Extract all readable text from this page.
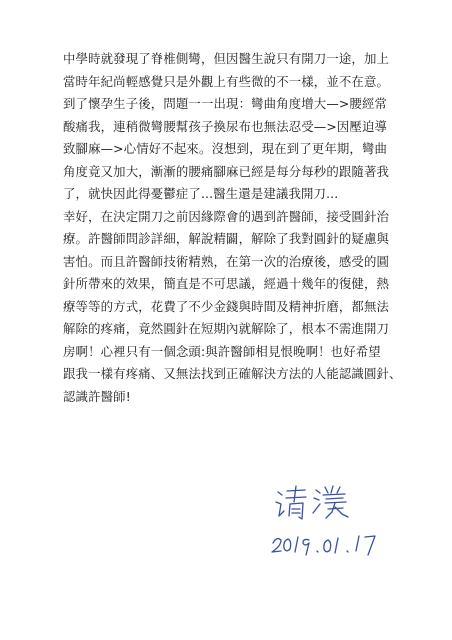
中學時就發現了脊椎側彎，但因醫生說只有開刀一途，加上
當時年紀尚輕感覺只是外觀上有些微的不一樣，並不在意。
到了懷孕生子後，問題一一出現：彎曲角度增大—>腰經常
酸痛我，連稍微彎腰幫孩子換尿布也無法忍受—>因壓迫導
致腳麻—>心情好不起來。沒想到，現在到了更年期，彎曲
角度竟又加大，漸漸的腰痛腳麻已經是每分每秒的跟隨著我
了，就快因此得憂鬱症了...醫生還是建議我開刀...
幸好，在決定開刀之前因緣際會的遇到許醫師，接受圓針治
療。許醫師問診詳細，解說精闢，解除了我對圓針的疑慮與
害怕。而且許醫師技術精熟，在第一次的治療後，感受的圓
針所帶來的效果，簡直是不可思議，經過十幾年的復健，熱
療等等的方式，花費了不少金錢與時間及精神折磨，都無法
解除的疼痛，竟然圓針在短期內就解除了，根本不需進開刀
房啊！心裡只有一個念頭:與許醫師相見恨晚啊！也好希望
跟我一樣有疼痛、又無法找到正確解決方法的人能認識圓針、
認識許醫師!
